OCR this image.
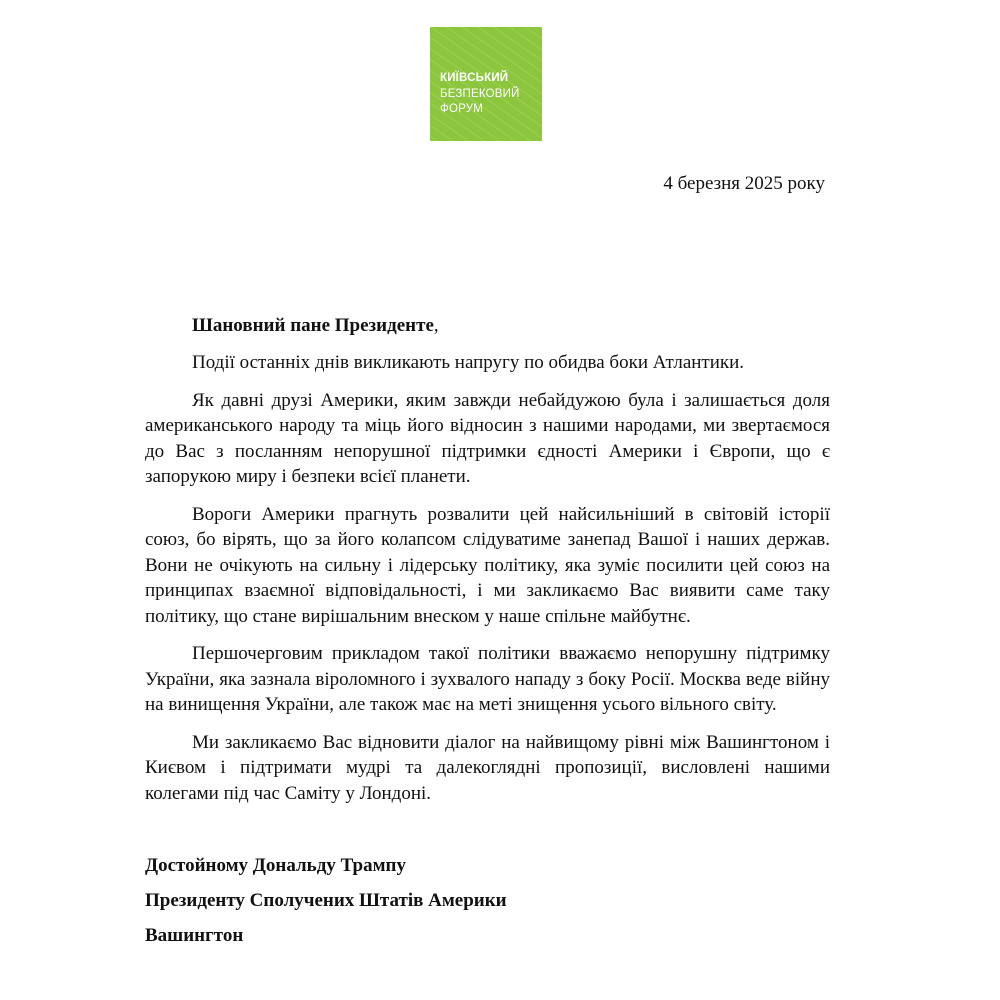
КИЇВСЬКИЙ
БЕЗПЕКОВИЙ
ФОРУМ
4 березня 2025 року
Шановний пане Президенте,

Події останніх днів викликають напругу по обидва боки Атлантики.

Як давні друзі Америки, яким завжди небайдужою була і залишається доля американського народу та міць його відносин з нашими народами, ми звертаємося до Вас з посланням непорушної підтримки єдності Америки і Європи, що є запорукою миру і безпеки всієї планети.

Вороги Америки прагнуть розвалити цей найсильніший в світовій історії союз, бо вірять, що за його колапсом слідуватиме занепад Вашої і наших держав. Вони не очікують на сильну і лідерську політику, яка зуміє посилити цей союз на принципах взаємної відповідальності, і ми закликаємо Вас виявити саме таку політику, що стане вирішальним внеском у наше спільне майбутнє.

Першочерговим прикладом такої політики вважаємо непорушну підтримку України, яка зазнала віроломного і зухвалого нападу з боку Росії. Москва веде війну на винищення України, але також має на меті знищення усього вільного світу.

Ми закликаємо Вас відновити діалог на найвищому рівні між Вашингтоном і Києвом і підтримати мудрі та далекоглядні пропозиції, висловлені нашими колегами під час Саміту у Лондоні.

Достойному Дональду Трампу
Президенту Сполучених Штатів Америки
Вашингтон
